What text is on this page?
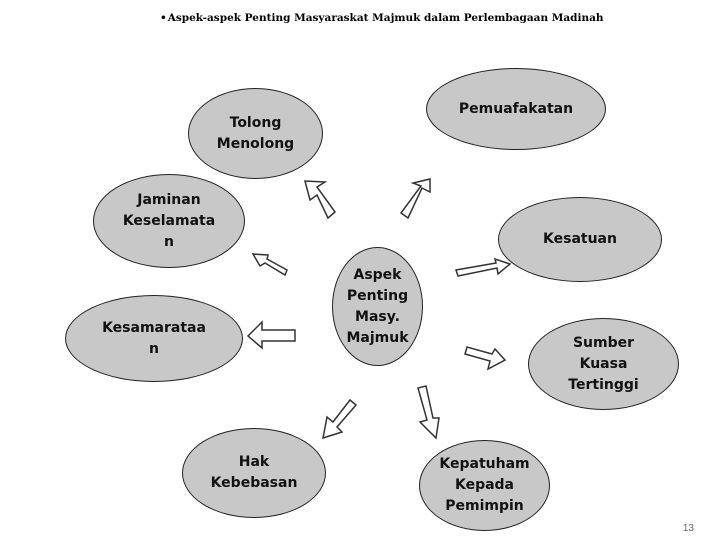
•Aspek-aspek Penting Masyaraskat Majmuk dalam Perlembagaan Madinah
Aspek
Penting
Masy.
Majmuk
Tolong
Menolong
Pemuafakatan
Jaminan
Keselamata
n	Kesatuan
Kesamarataa
n	Sumber
Kuasa
Tertinggi
Hak
Kebebasan
Kepatuham
Kepada
Pemimpin
13
